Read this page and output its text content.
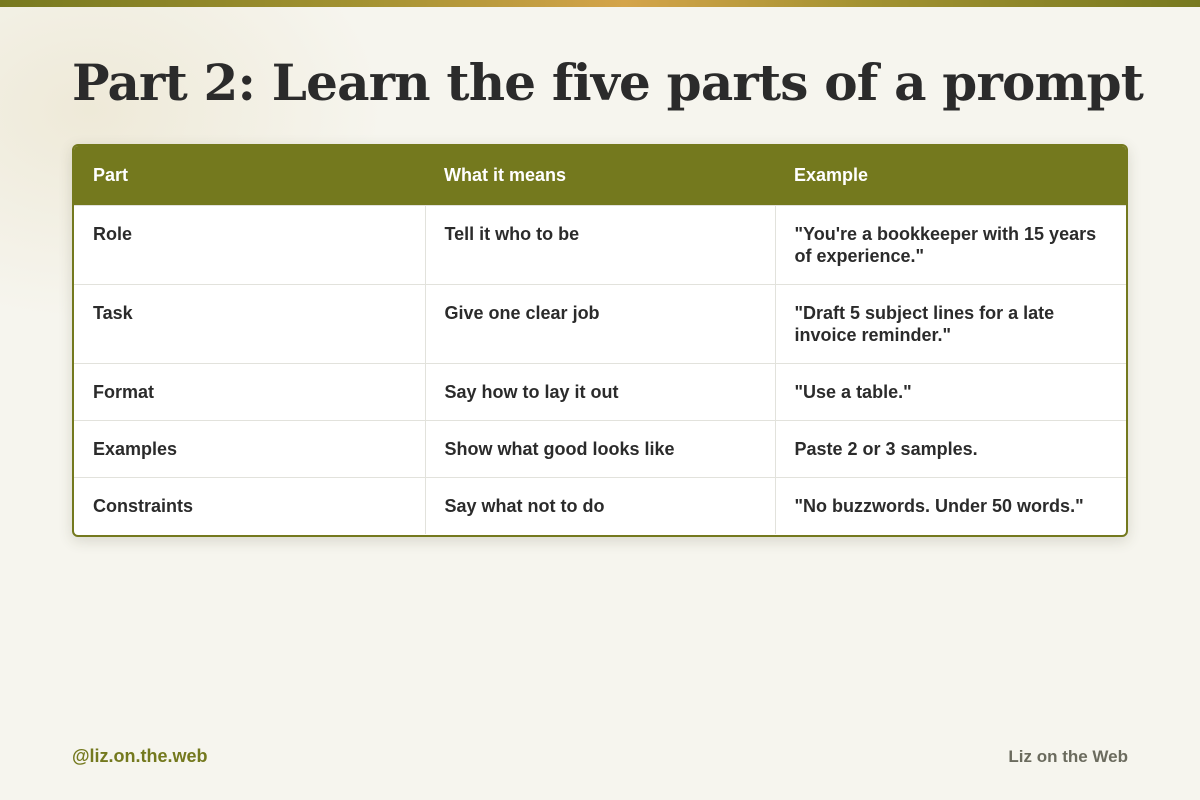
Part 2: Learn the five parts of a prompt
Part	What it means	Example
Role	Tell it who to be	"You're a bookkeeper with 15 years of experience."
Task	Give one clear job	"Draft 5 subject lines for a late invoice reminder."
Format	Say how to lay it out	"Use a table."
Examples	Show what good looks like	Paste 2 or 3 samples.
Constraints	Say what not to do	"No buzzwords. Under 50 words."
@liz.on.the.web	Liz on the Web
